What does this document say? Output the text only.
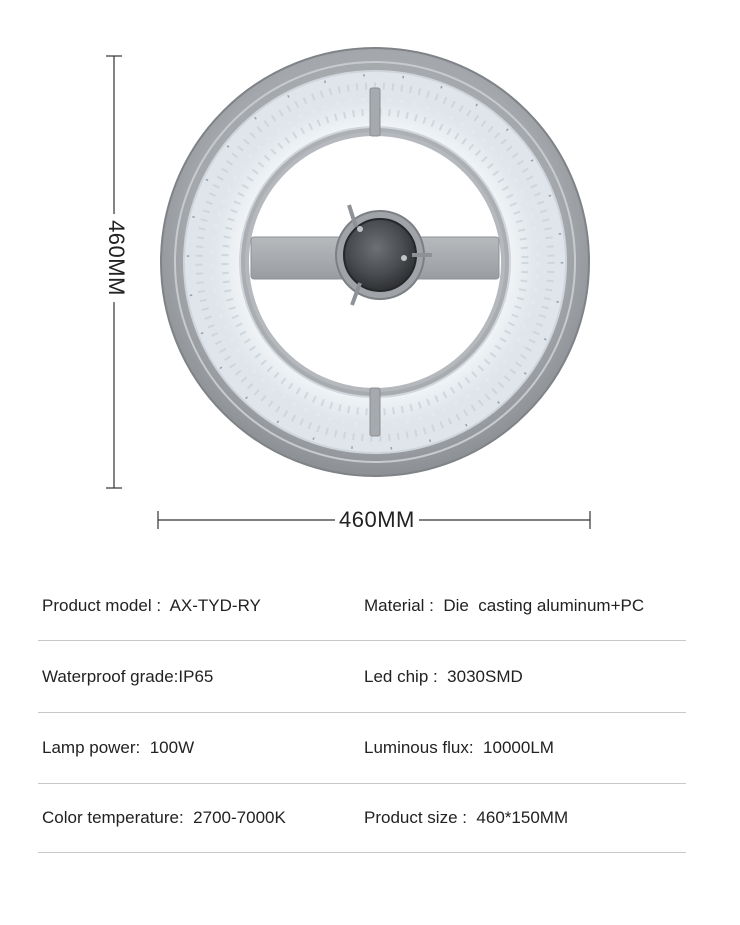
460MM
460MM
Product model :  AX-TYD-RY	Material :  Die  casting aluminum+PC
Waterproof grade:IP65	Led chip :  3030SMD
Lamp power:  100W	Luminous flux:  10000LM
Color temperature:  2700-7000K	Product size :  460*150MM
